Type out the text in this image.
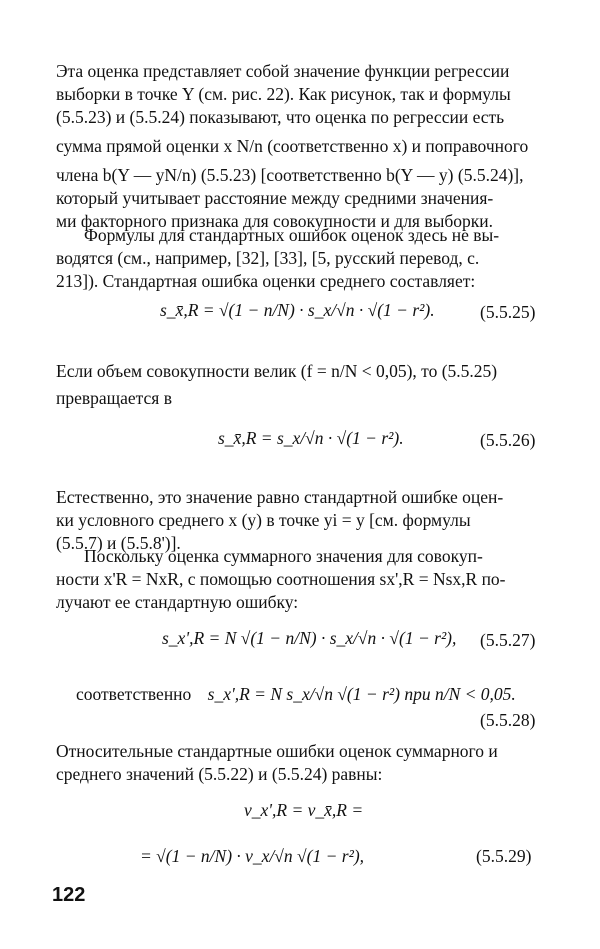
Эта оценка представляет собой значение функции регрессии
выборки в точке Y (см. рис. 22). Как рисунок, так и формулы
(5.5.23) и (5.5.24) показывают, что оценка по регрессии есть
сумма прямой оценки x N/n (соответственно x) и поправочного
члена b(Y — yN/n) (5.5.23) [соответственно b(Y — y) (5.5.24)],
который учитывает расстояние между средними значения-
ми факторного признака для совокупности и для выборки.
Формулы для стандартных ошибок оценок здесь не вы-
водятся (см., например, [32], [33], [5, русский перевод, с.
213]). Стандартная ошибка оценки среднего составляет:
s_x̄,R = √(1 − n/N) · s_x/√n · √(1 − r²).	(5.5.25)
Если объем совокупности велик (f = n/N < 0,05), то (5.5.25)
превращается в
s_x̄,R = s_x/√n · √(1 − r²).	(5.5.26)
Естественно, это значение равно стандартной ошибке оцен-
ки условного среднего x (y) в точке yi = y [см. формулы
(5.5.7) и (5.5.8')].
Поскольку оценка суммарного значения для совокуп-
ности x'R = NxR, с помощью соотношения sx',R = Nsx,R по-
лучают ее стандартную ошибку:
s_x',R = N √(1 − n/N) · s_x/√n · √(1 − r²), (5.5.27)
соответственно s_x',R = N s_x/√n √(1 − r²) при n/N < 0,05.
(5.5.28)
Относительные стандартные ошибки оценок суммарного и
среднего значений (5.5.22) и (5.5.24) равны:
v_x',R = v_x̄,R =
= √(1 − n/N) · v_x/√n √(1 − r²),	(5.5.29)
122
